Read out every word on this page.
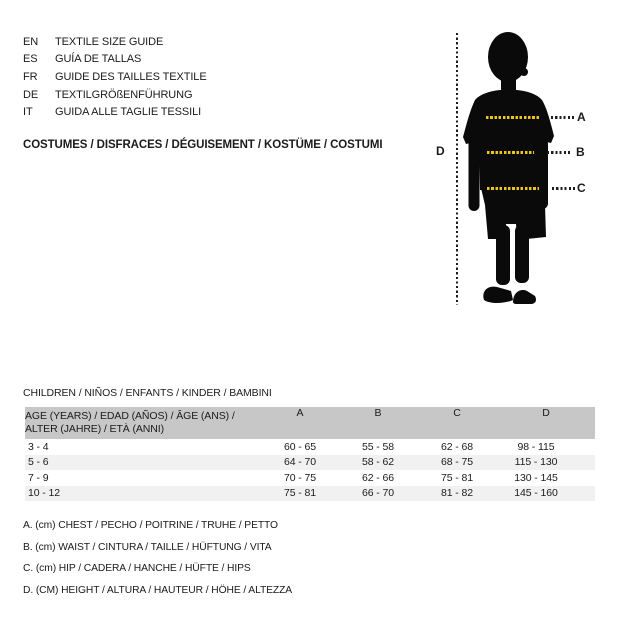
EN	TEXTILE SIZE GUIDE
ES	GUÍA DE TALLAS
FR	GUIDE DES TAILLES TEXTILE
DE	TEXTILGRÖßENFÜHRUNG
IT	GUIDA ALLE TAGLIE TESSILI
COSTUMES / DISFRACES / DÉGUISEMENT / KOSTÜME / COSTUMI
A
B
C
D
CHILDREN / NIÑOS / ENFANTS / KINDER / BAMBINI
AGE (YEARS) / EDAD (AÑOS) / ÂGE (ANS) /
ALTER (JAHRE) / ETÀ (ANNI)	A	B	C	D
3 - 4	60 - 65	55 - 58	62 - 68	98 - 115
5 - 6	64 - 70	58 - 62	68 - 75	115 - 130
7 - 9	70 - 75	62 - 66	75 - 81	130 - 145
10 - 12	75 - 81	66 - 70	81 - 82	145 - 160
A. (cm) CHEST / PECHO / POITRINE / TRUHE / PETTO
B. (cm) WAIST / CINTURA / TAILLE / HÜFTUNG / VITA
C. (cm) HIP / CADERA / HANCHE / HÜFTE / HIPS
D. (CM) HEIGHT / ALTURA / HAUTEUR / HÖHE / ALTEZZA
